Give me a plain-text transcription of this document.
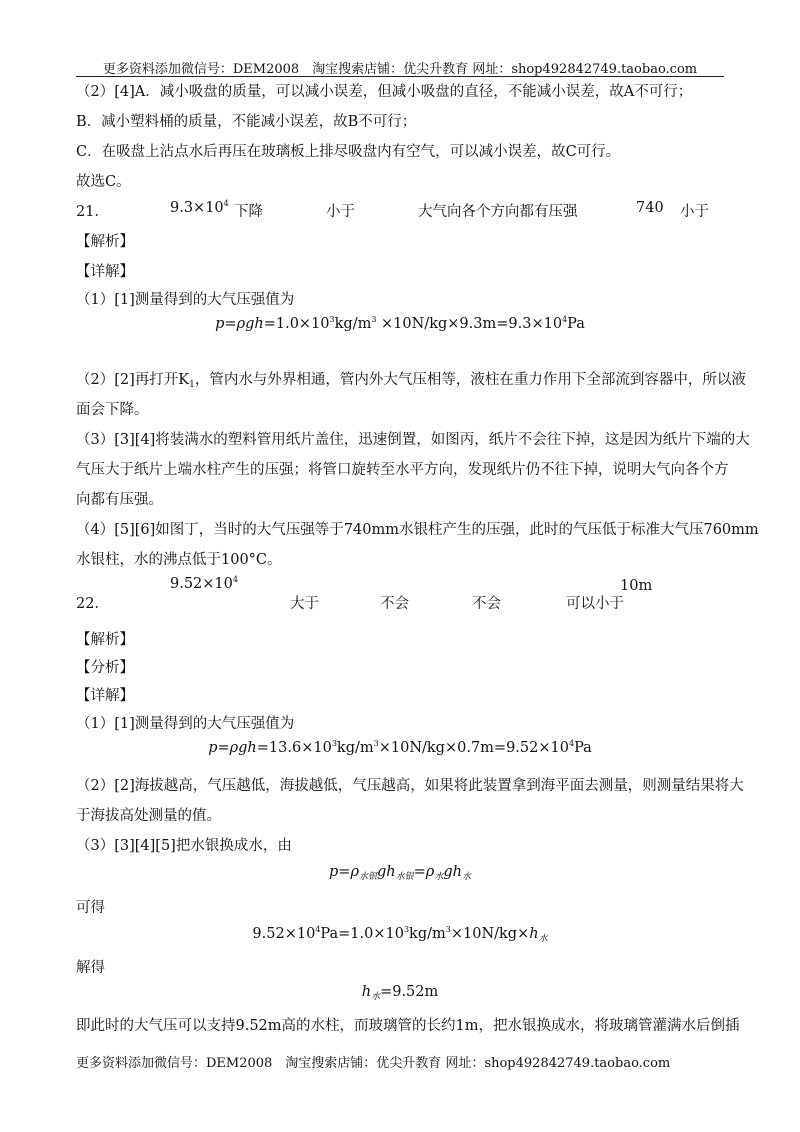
更多资料添加微信号：DEM2008　淘宝搜索店铺：优尖升教育 网址：shop492842749.taobao.com
（2）[4]A．减小吸盘的质量，可以减小误差，但减小吸盘的直径，不能减小误差，故A不可行；
B．减小塑料桶的质量，不能减小误差，故B不可行；
C．在吸盘上沾点水后再压在玻璃板上排尽吸盘内有空气，可以减小误差，故C可行。
故选C。
21．	$9.3\times 10^4$
下降	小于	大气向各个方向都有压强	740 小于
【解析】
【详解】
（1）[1]测量得到的大气压强值为
$p=\rho gh=1.0\times 10^3kg/m^3 \times 10N/kg\times 9.3m=9.3\times 10^4Pa$
（2）[2]再打开$K_1$，管内水与外界相通，管内外大气压相等，液柱在重力作用下全部流到容器中，所以液
面会下降。
（3）[3][4]将装满水的塑料管用纸片盖住，迅速倒置，如图丙，纸片不会往下掉，这是因为纸片下端的大
气压大于纸片上端水柱产生的压强；将管口旋转至水平方向，发现纸片仍不往下掉，说明大气向各个方
向都有压强。
（4）[5][6]如图丁，当时的大气压强等于740mm水银柱产生的压强，此时的气压低于标准大气压760mm
水银柱，水的沸点低于100°C。
22．
$9.52\times 10^4$
大于	不会	不会	可以小于
10m
【解析】
【分析】
【详解】
（1）[1]测量得到的大气压强值为
$p=\rho gh=13.6\times 10^3kg/m^3\times 10N/kg\times 0.7m=9.52\times 10^4Pa$
（2）[2]海拔越高，气压越低，海拔越低，气压越高，如果将此装置拿到海平面去测量，则测量结果将大
于海拔高处测量的值。
（3）[3][4][5]把水银换成水，由
$p=\rho_{水银}gh_{水银}=\rho_水gh_水$
可得
$9.52\times 10^4Pa=1.0\times 10^3kg/m^3\times 10N/kg\times h_水$
解得
$h_水=9.52m$
即此时的大气压可以支持9.52m高的水柱，而玻璃管的长约1m，把水银换成水，将玻璃管灌满水后倒插
更多资料添加微信号：DEM2008　淘宝搜索店铺：优尖升教育 网址：shop492842749.taobao.com
